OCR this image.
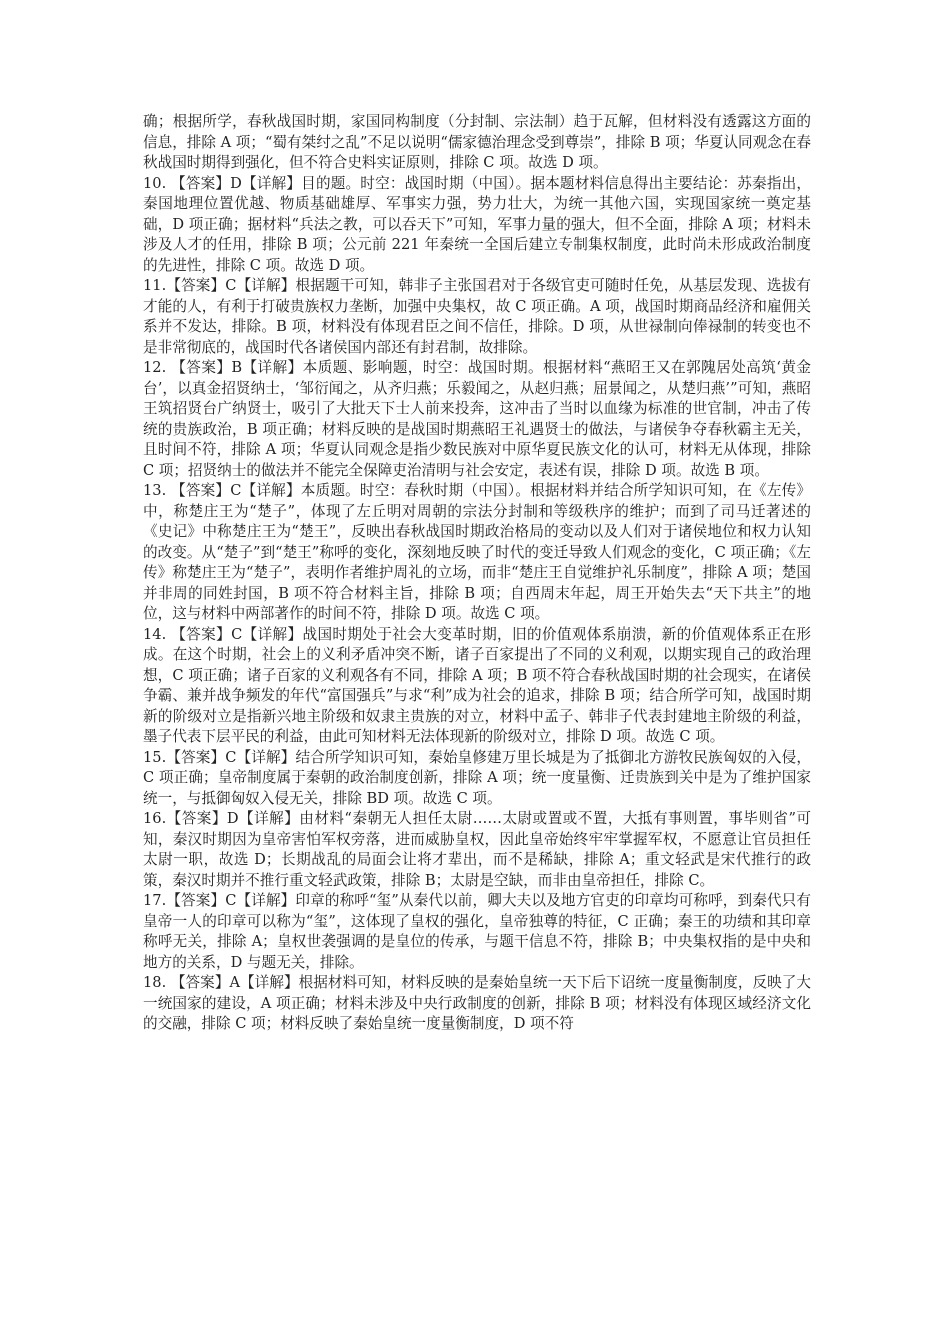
确；根据所学，春秋战国时期，家国同构制度（分封制、宗法制）趋于瓦解，但材料没有透露这方面的信息，排除 A 项；“蜀有桀纣之乱”不足以说明“儒家德治理念受到尊崇”，排除 B 项；华夏认同观念在春秋战国时期得到强化，但不符合史料实证原则，排除 C 项。故选 D 项。

10. 【答案】D【详解】目的题。时空：战国时期（中国）。据本题材料信息得出主要结论：苏秦指出，秦国地理位置优越、物质基础雄厚、军事实力强，势力壮大，为统一其他六国，实现国家统一奠定基础，D 项正确；据材料“兵法之教，可以吞天下”可知，军事力量的强大，但不全面，排除 A 项；材料未涉及人才的任用，排除 B 项；公元前 221 年秦统一全国后建立专制集权制度，此时尚未形成政治制度的先进性，排除 C 项。故选 D 项。

11.【答案】C【详解】根据题干可知，韩非子主张国君对于各级官吏可随时任免，从基层发现、选拔有才能的人，有利于打破贵族权力垄断，加强中央集权，故 C 项正确。A 项，战国时期商品经济和雇佣关系并不发达，排除。B 项，材料没有体现君臣之间不信任，排除。D 项，从世禄制向俸禄制的转变也不是非常彻底的，战国时代各诸侯国内部还有封君制，故排除。

12. 【答案】B【详解】本质题、影响题，时空：战国时期。根据材料“燕昭王又在郭隗居处高筑‘黄金台’，以真金招贤纳士，‘邹衍闻之，从齐归燕；乐毅闻之，从赵归燕；屈景闻之，从楚归燕’”可知，燕昭王筑招贤台广纳贤士，吸引了大批天下士人前来投奔，这冲击了当时以血缘为标准的世官制，冲击了传统的贵族政治，B 项正确；材料反映的是战国时期燕昭王礼遇贤士的做法，与诸侯争夺春秋霸主无关，且时间不符，排除 A 项；华夏认同观念是指少数民族对中原华夏民族文化的认可，材料无从体现，排除 C 项；招贤纳士的做法并不能完全保障吏治清明与社会安定，表述有误，排除 D 项。故选 B 项。

13. 【答案】C【详解】本质题。时空：春秋时期（中国）。根据材料并结合所学知识可知，在《左传》中，称楚庄王为“楚子”，体现了左丘明对周朝的宗法分封制和等级秩序的维护；而到了司马迁著述的《史记》中称楚庄王为“楚王”，反映出春秋战国时期政治格局的变动以及人们对于诸侯地位和权力认知的改变。从“楚子”到“楚王”称呼的变化，深刻地反映了时代的变迁导致人们观念的变化，C 项正确；《左传》称楚庄王为“楚子”，表明作者维护周礼的立场，而非“楚庄王自觉维护礼乐制度”，排除 A 项；楚国并非周的同姓封国，B 项不符合材料主旨，排除 B 项；自西周末年起，周王开始失去“天下共主”的地位，这与材料中两部著作的时间不符，排除 D 项。故选 C 项。

14. 【答案】C【详解】战国时期处于社会大变革时期，旧的价值观体系崩溃，新的价值观体系正在形成。在这个时期，社会上的义利矛盾冲突不断，诸子百家提出了不同的义利观，以期实现自己的政治理想，C 项正确；诸子百家的义利观各有不同，排除 A 项；B 项不符合春秋战国时期的社会现实，在诸侯争霸、兼并战争频发的年代“富国强兵”与求“利”成为社会的追求，排除 B 项；结合所学可知，战国时期新的阶级对立是指新兴地主阶级和奴隶主贵族的对立，材料中孟子、韩非子代表封建地主阶级的利益，墨子代表下层平民的利益，由此可知材料无法体现新的阶级对立，排除 D 项。故选 C 项。

15.【答案】C【详解】结合所学知识可知，秦始皇修建万里长城是为了抵御北方游牧民族匈奴的入侵，C 项正确；皇帝制度属于秦朝的政治制度创新，排除 A 项；统一度量衡、迁贵族到关中是为了维护国家统一，与抵御匈奴入侵无关，排除 BD 项。故选 C 项。

16.【答案】D【详解】由材料“秦朝无人担任太尉……太尉或置或不置，大抵有事则置，事毕则省”可知，秦汉时期因为皇帝害怕军权旁落，进而威胁皇权，因此皇帝始终牢牢掌握军权，不愿意让官员担任太尉一职，故选 D；长期战乱的局面会让将才辈出，而不是稀缺，排除 A；重文轻武是宋代推行的政策，秦汉时期并不推行重文轻武政策，排除 B；太尉是空缺，而非由皇帝担任，排除 C。

17.【答案】C【详解】印章的称呼“玺”从秦代以前，卿大夫以及地方官吏的印章均可称呼，到秦代只有皇帝一人的印章可以称为“玺”，这体现了皇权的强化，皇帝独尊的特征，C 正确；秦王的功绩和其印章称呼无关，排除 A；皇权世袭强调的是皇位的传承，与题干信息不符，排除 B；中央集权指的是中央和地方的关系，D 与题无关，排除。

18. 【答案】A【详解】根据材料可知，材料反映的是秦始皇统一天下后下诏统一度量衡制度，反映了大一统国家的建设，A 项正确；材料未涉及中央行政制度的创新，排除 B 项；材料没有体现区域经济文化的交融，排除 C 项；材料反映了秦始皇统一度量衡制度，D 项不符
